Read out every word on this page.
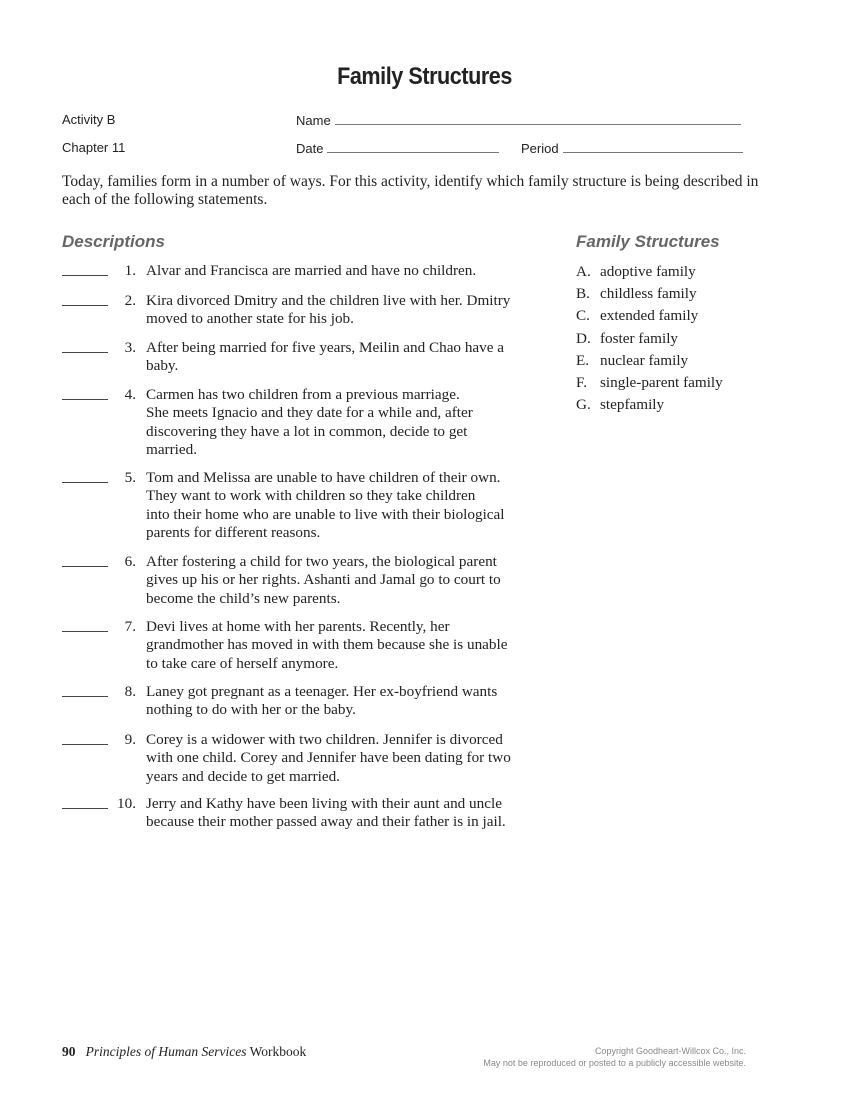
Family Structures
Activity B
Chapter 11
Name
Date	Period
Today, families form in a number of ways. For this activity, identify which family structure is being described in each of the following statements.
Descriptions	Family Structures
1. Alvar and Francisca are married and have no children.
2. Kira divorced Dmitry and the children live with her. Dmitry
moved to another state for his job.
3. After being married for five years, Meilin and Chao have a
baby.
4. Carmen has two children from a previous marriage.
She meets Ignacio and they date for a while and, after
discovering they have a lot in common, decide to get
married.
5. Tom and Melissa are unable to have children of their own.
They want to work with children so they take children
into their home who are unable to live with their biological
parents for different reasons.
6. After fostering a child for two years, the biological parent
gives up his or her rights. Ashanti and Jamal go to court to
become the child’s new parents.
7. Devi lives at home with her parents. Recently, her
grandmother has moved in with them because she is unable
to take care of herself anymore.
8. Laney got pregnant as a teenager. Her ex-boyfriend wants
nothing to do with her or the baby.
9. Corey is a widower with two children. Jennifer is divorced
with one child. Corey and Jennifer have been dating for two
years and decide to get married.
10. Jerry and Kathy have been living with their aunt and uncle
because their mother passed away and their father is in jail.
A. adoptive family
B. childless family
C. extended family
D. foster family
E. nuclear family
F. single-parent family
G. stepfamily
90 Principles of Human Services Workbook	Copyright Goodheart-Willcox Co., Inc.
May not be reproduced or posted to a publicly accessible website.
